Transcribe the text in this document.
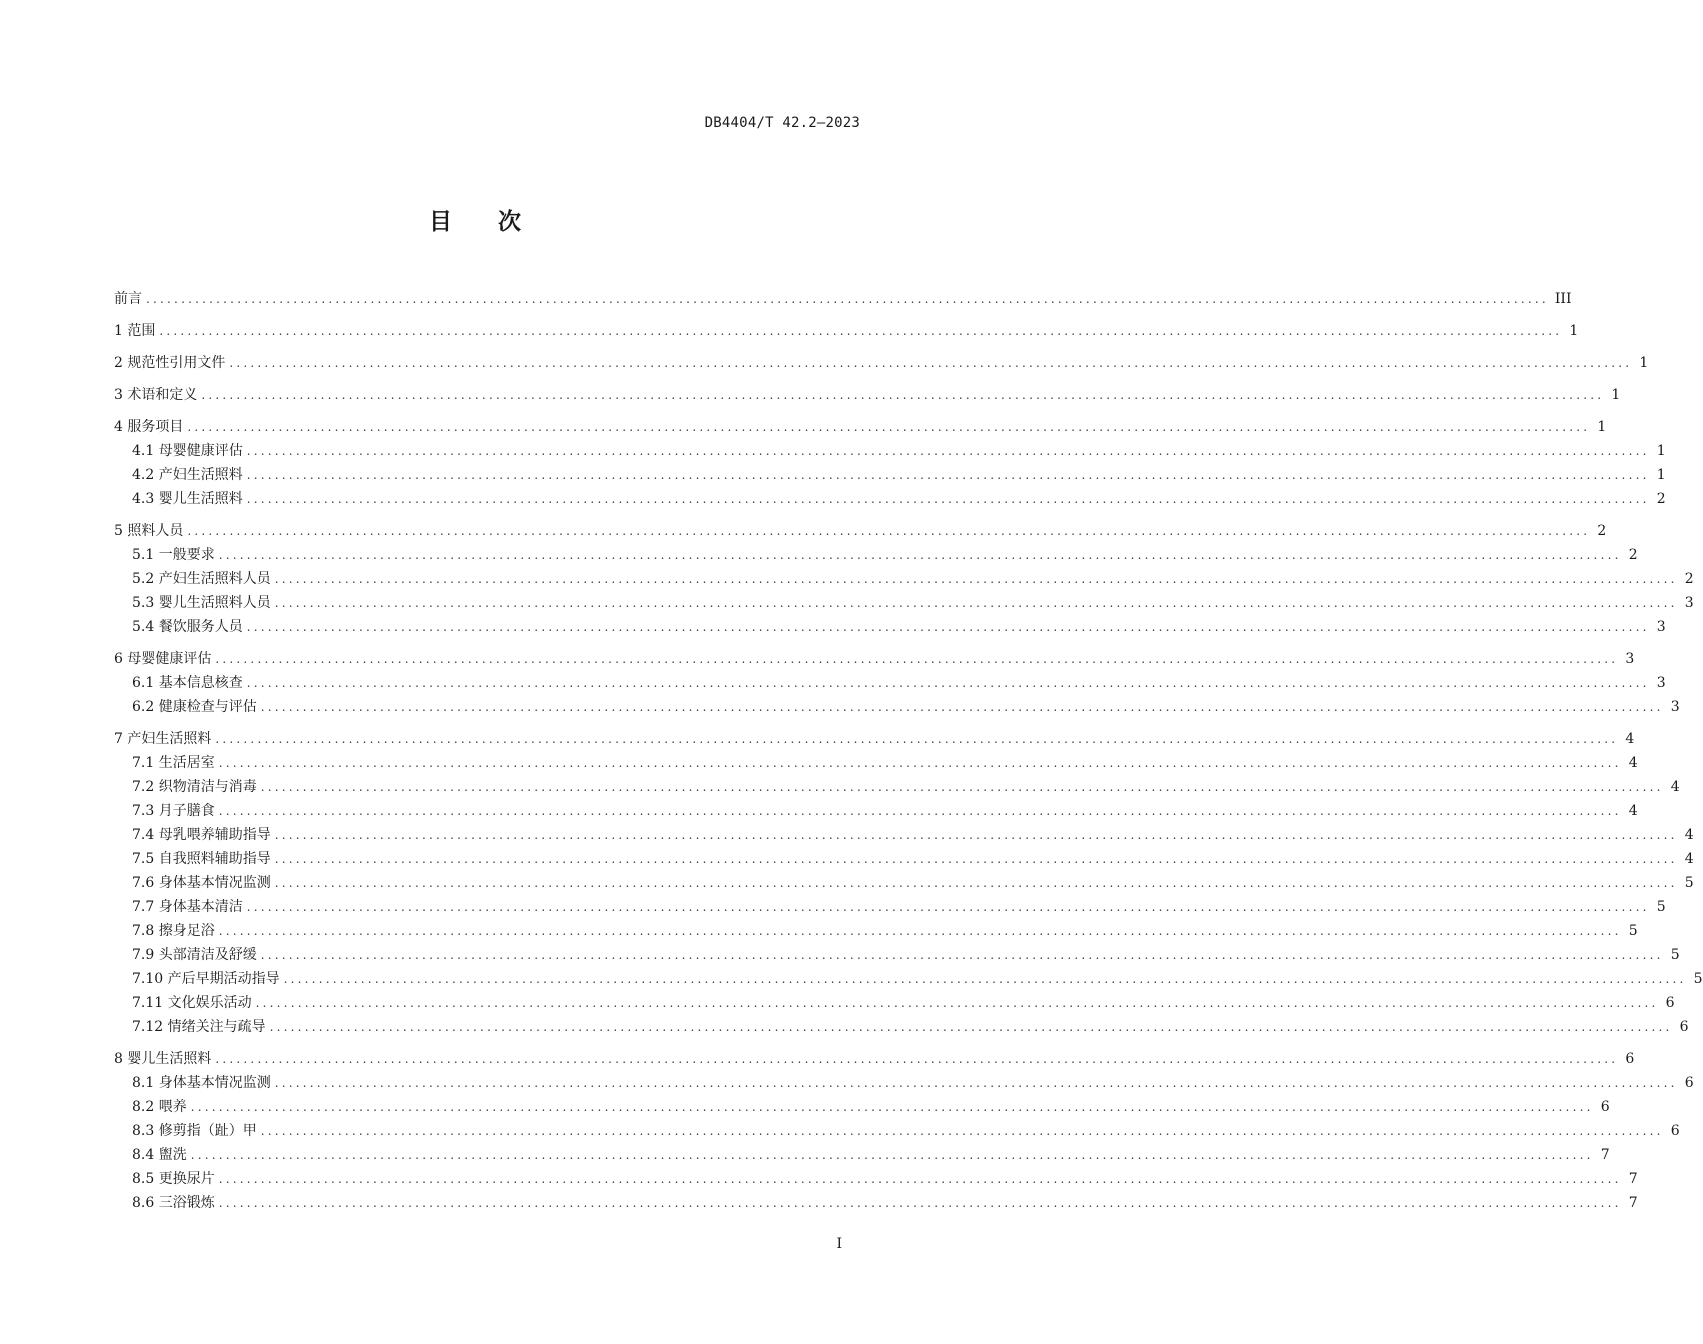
DB4404/T 42.2—2023
目次
前言 ........................................................................................................................................................................................................ III
1 范围 ........................................................................................................................................................................................................ 1
2 规范性引用文件 ........................................................................................................................................................................................................ 1
3 术语和定义 ........................................................................................................................................................................................................ 1
4 服务项目 ........................................................................................................................................................................................................ 1
4.1 母婴健康评估 ........................................................................................................................................................................................................ 1
4.2 产妇生活照料 ........................................................................................................................................................................................................ 1
4.3 婴儿生活照料 ........................................................................................................................................................................................................ 2
5 照料人员 ........................................................................................................................................................................................................ 2
5.1 一般要求 ........................................................................................................................................................................................................ 2
5.2 产妇生活照料人员 ........................................................................................................................................................................................................ 2
5.3 婴儿生活照料人员 ........................................................................................................................................................................................................ 3
5.4 餐饮服务人员 ........................................................................................................................................................................................................ 3
6 母婴健康评估 ........................................................................................................................................................................................................ 3
6.1 基本信息核查 ........................................................................................................................................................................................................ 3
6.2 健康检查与评估 ........................................................................................................................................................................................................ 3
7 产妇生活照料 ........................................................................................................................................................................................................ 4
7.1 生活居室 ........................................................................................................................................................................................................ 4
7.2 织物清洁与消毒 ........................................................................................................................................................................................................ 4
7.3 月子膳食 ........................................................................................................................................................................................................ 4
7.4 母乳喂养辅助指导 ........................................................................................................................................................................................................ 4
7.5 自我照料辅助指导 ........................................................................................................................................................................................................ 4
7.6 身体基本情况监测 ........................................................................................................................................................................................................ 5
7.7 身体基本清洁 ........................................................................................................................................................................................................ 5
7.8 擦身足浴 ........................................................................................................................................................................................................ 5
7.9 头部清洁及舒缓 ........................................................................................................................................................................................................ 5
7.10 产后早期活动指导 ........................................................................................................................................................................................................ 5
7.11 文化娱乐活动 ........................................................................................................................................................................................................ 6
7.12 情绪关注与疏导 ........................................................................................................................................................................................................ 6
8 婴儿生活照料 ........................................................................................................................................................................................................ 6
8.1 身体基本情况监测 ........................................................................................................................................................................................................ 6
8.2 喂养 ........................................................................................................................................................................................................ 6
8.3 修剪指（趾）甲 ........................................................................................................................................................................................................ 6
8.4 盥洗 ........................................................................................................................................................................................................ 7
8.5 更换尿片 ........................................................................................................................................................................................................ 7
8.6 三浴锻炼 ........................................................................................................................................................................................................ 7
I
